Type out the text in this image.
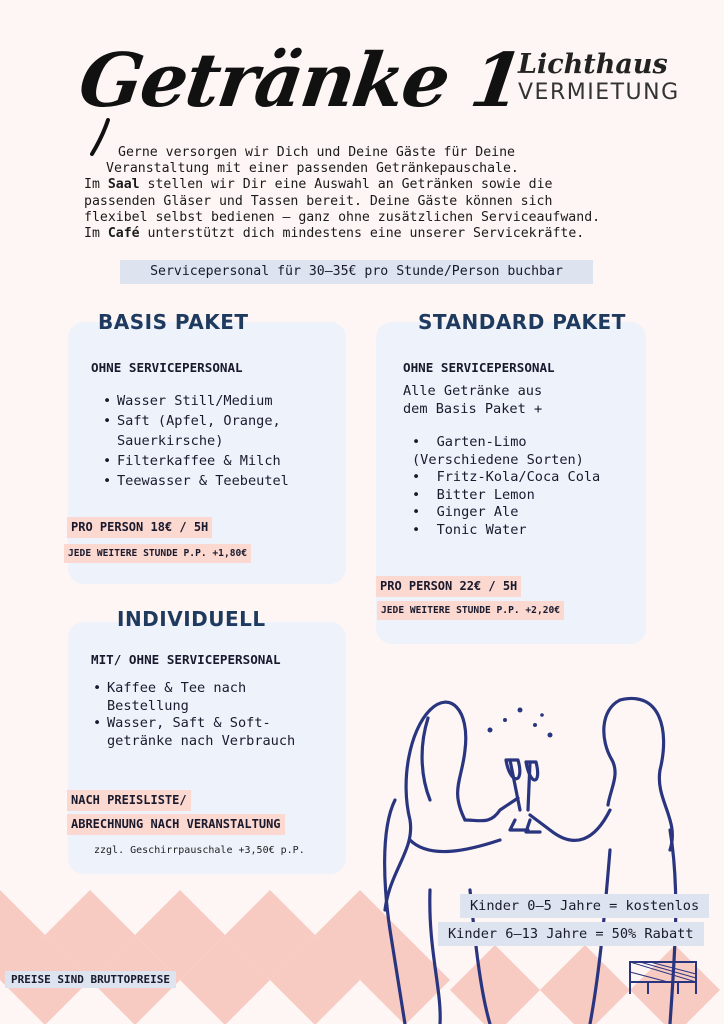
Getränke 1
Lichthaus
VERMIETUNG

Gerne versorgen wir Dich und Deine Gäste für Deine

Veranstaltung mit einer passenden Getränkepauschale.

Im Saal stellen wir Dir eine Auswahl an Getränken sowie die

passenden Gläser und Tassen bereit. Deine Gäste können sich

flexibel selbst bedienen – ganz ohne zusätzlichen Serviceaufwand.

Im Café unterstützt dich mindestens eine unserer Servicekräfte.

Servicepersonal für 30–35€ pro Stunde/Person buchbar
BASIS PAKET
OHNE SERVICEPERSONAL
• Wasser Still/Medium
• Saft (Apfel, Orange,
Sauerkirsche)
• Filterkaffee & Milch
• Teewasser & Teebeutel
PRO PERSON 18€ / 5H
JEDE WEITERE STUNDE P.P. +1,80€
STANDARD PAKET
OHNE SERVICEPERSONAL
Alle Getränke aus
dem Basis Paket +
•  Garten-Limo
(Verschiedene Sorten)
•  Fritz-Kola/Coca Cola
•  Bitter Lemon
•  Ginger Ale
•  Tonic Water
PRO PERSON 22€ / 5H
JEDE WEITERE STUNDE P.P. +2,20€
INDIVIDUELL
MIT/ OHNE SERVICEPERSONAL
• Kaffee & Tee nach
Bestellung
• Wasser, Saft & Soft-
getränke nach Verbrauch
NACH PREISLISTE/
ABRECHNUNG NACH VERANSTALTUNG
zzgl. Geschirrpauschale +3,50€ p.P.
Kinder 0–5 Jahre = kostenlos
Kinder 6–13 Jahre = 50% Rabatt
PREISE SIND BRUTTOPREISE
